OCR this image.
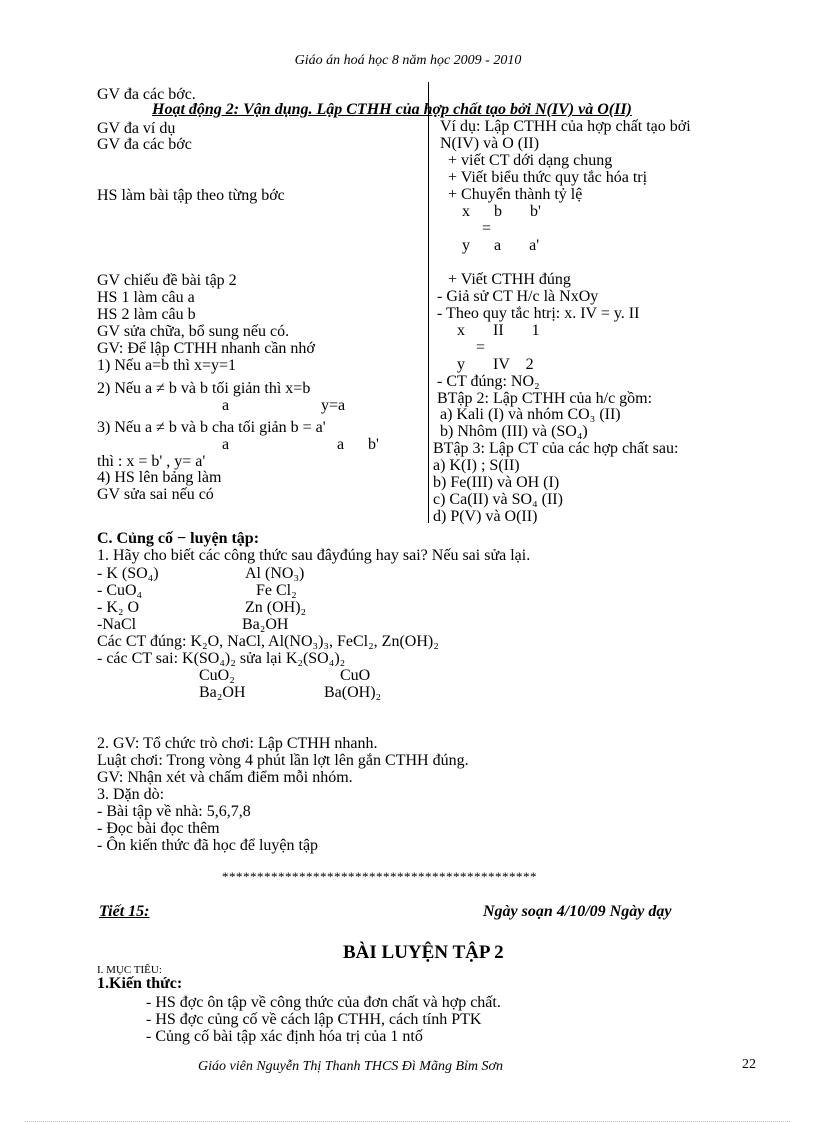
Giáo án hoá học 8 năm học 2009 - 2010
GV đa các bớc.
Hoạt động 2: Vận dụng. Lập CTHH của hợp chất tạo bởi N(IV) và O(II)
GV đa ví dụ
GV đa các bớc
HS làm bài tập theo từng bớc
GV chiếu đề bài tập 2
HS 1 làm câu a
HS 2 làm câu b
GV sửa chữa, bổ sung nếu có.
GV: Để lập CTHH nhanh cần nhớ
1) Nếu a=b thì x=y=1
2) Nếu a ≠ b và b tối giản thì x=b
a	y=a
3) Nếu a ≠ b và b cha tối giản b = a'
a	a b'
thì : x = b' , y= a'
4) HS lên bảng làm
GV sửa sai nếu có
Ví dụ: Lập CTHH của hợp chất tạo bởi
N(IV) và O (II)
+ viết CT dới dạng chung
+ Viết biểu thức quy tắc hóa trị
+ Chuyển thành tỷ lệ
x      b       b'
=
y      a       a'
+ Viết CTHH đúng
- Giả sử CT H/c là NxOy
- Theo quy tắc htrị: x. IV = y. II
x       II       1
=
y       IV    2
- CT đúng: NO₂
BTập 2: Lập CTHH của h/c gồm:
a) Kali (I) và nhóm CO₃ (II)
b) Nhôm (III) và (SO₄)
BTập 3: Lập CT của các hợp chất sau:
a) K(I) ; S(II)
b) Fe(III) và OH (I)
c) Ca(II) và SO₄ (II)
d) P(V) và O(II)
C. Củng cố − luyện tập:
1. Hãy cho biết các công thức sau đâyđúng hay sai? Nếu sai sửa lại.
- K (SO₄)	Al (NO₃)
- CuO₄	Fe Cl₂
- K₂ O	Zn (OH)₂
-NaCl	Ba₂OH
Các CT đúng: K₂O, NaCl, Al(NO₃)₃, FeCl₂, Zn(OH)₂
- các CT sai: K(SO₄)₂ sửa lại K₂(SO₄)₂
CuO₂	CuO
Ba₂OH	Ba(OH)₂
2. GV: Tổ chức trò chơi: Lập CTHH nhanh.
Luật chơi: Trong vòng 4 phút lần lợt lên gắn CTHH đúng.
GV: Nhận xét và chấm điểm mỗi nhóm.
3. Dặn dò:
- Bài tập về nhà: 5,6,7,8
- Đọc bài đọc thêm
- Ôn kiến thức đã học để luyện tập
*********************************************
Tiết 15:	Ngày soạn 4/10/09 Ngày dạy
BÀI LUYỆN TẬP 2
I. MỤC TIÊU:
1.Kiến thức:
- HS đợc ôn tập về công thức của đơn chất và hợp chất.
- HS đợc củng cố về cách lập CTHH, cách tính PTK
- Củng cố bài tập xác định hóa trị của 1 ntố
Giáo viên Nguyễn Thị Thanh THCS Đì Mãng Bỉm Sơn	22
